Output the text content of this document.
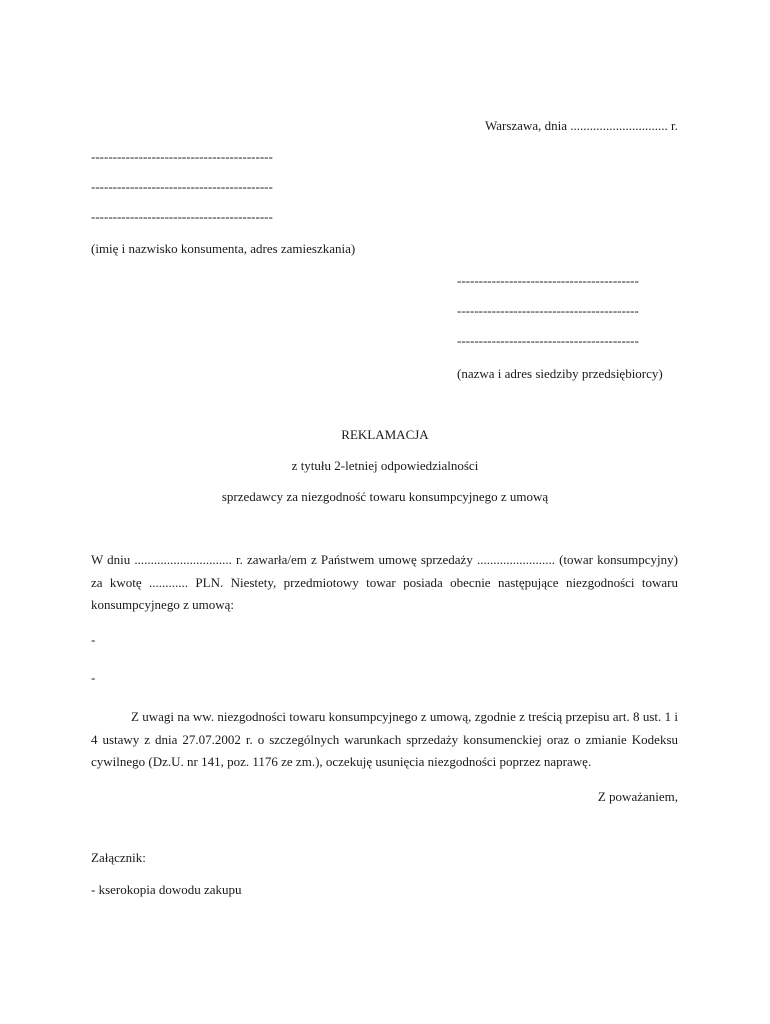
Warszawa, dnia .............................. r.
------------------------------------------
------------------------------------------
------------------------------------------
(imię i nazwisko konsumenta, adres zamieszkania)
------------------------------------------
------------------------------------------
------------------------------------------
(nazwa i adres siedziby przedsiębiorcy)
REKLAMACJA
z tytułu 2-letniej odpowiedzialności
sprzedawcy za niezgodność towaru konsumpcyjnego z umową
W dniu .............................. r. zawarła/em z Państwem umowę sprzedaży ........................ (towar konsumpcyjny)
za kwotę ............ PLN. Niestety, przedmiotowy towar posiada obecnie następujące niezgodności towaru
konsumpcyjnego z umową:
-
-
Z uwagi na ww. niezgodności towaru konsumpcyjnego z umową, zgodnie z treścią przepisu art. 8 ust. 1 i
4 ustawy z dnia 27.07.2002 r. o szczególnych warunkach sprzedaży konsumenckiej oraz o zmianie Kodeksu
cywilnego (Dz.U. nr 141, poz. 1176 ze zm.), oczekuję usunięcia niezgodności poprzez naprawę.
Z poważaniem,
Załącznik:
- kserokopia dowodu zakupu
